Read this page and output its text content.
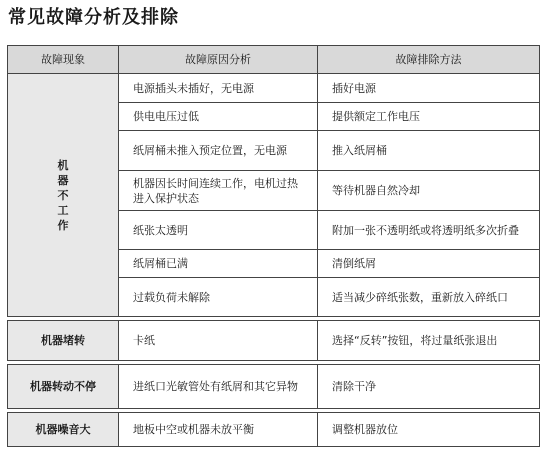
常见故障分析及排除
故障现象	故障原因分析	故障排除方法
机器不工作	电源插头未插好，无电源	插好电源
	供电电压过低	提供额定工作电压
	纸屑桶未推入预定位置，无电源	推入纸屑桶
	机器因长时间连续工作，电机过热进入保护状态	等待机器自然冷却
	纸张太透明	附加一张不透明纸或将透明纸多次折叠
	纸屑桶已满	清倒纸屑
	过载负荷未解除	适当减少碎纸张数，重新放入碎纸口

机器堵转	卡纸	选择“反转”按钮，将过量纸张退出

机器转动不停	进纸口光敏管处有纸屑和其它异物	清除干净

机器噪音大	地板中空或机器未放平衡	调整机器放位
